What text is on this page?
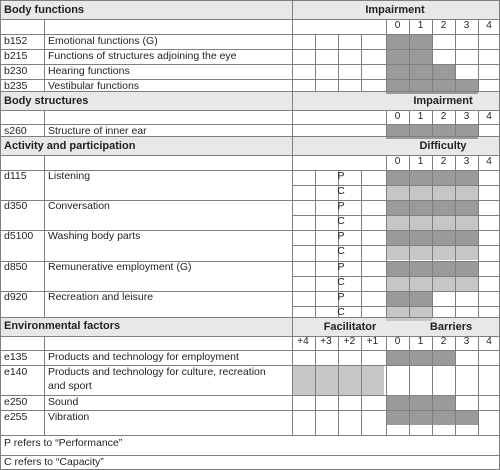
Body functions	Impairment
0 1 2 3 4
b152 Emotional functions (G)
b215 Functions of structures adjoining the eye
b230 Hearing functions
b235 Vestibular functions
Body structures	Impairment
0 1 2 3 4
s260 Structure of inner ear
Activity and participation	Difficulty
0 1 2 3 4
d115 Listening	P
C
d350 Conversation	P
C
d5100 Washing body parts	P
C
d850 Remunerative employment (G)	P
C
d920 Recreation and leisure	P
C
Environmental factors	Facilitator	Barriers
+4 +3 +2 +1 0 1 2 3 4
e135 Products and technology for employment
e140 Products and technology for culture, recreation and sport
e250 Sound
e255 Vibration
P refers to “Performance”
C refers to “Capacity”
